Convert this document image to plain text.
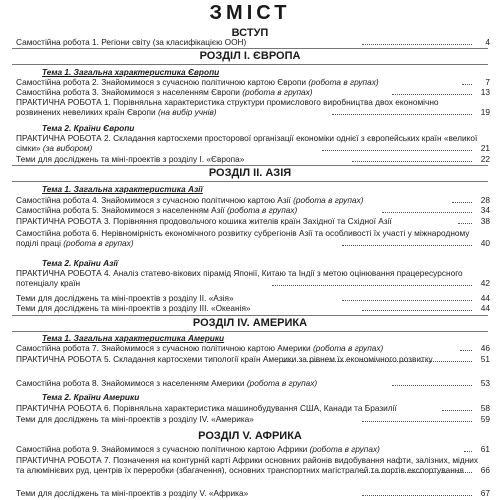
ЗМІСТ
ВСТУП
Самостійна робота 1. Регіони світу (за класифікацією ООН)	4
РОЗДІЛ І. ЄВРОПА
Тема 1. Загальна характеристика Європи
Самостійна робота 2. Знайомимося з сучасною політичною картою Європи (робота в групах)	7
Самостійна робота 3. Знайомимося з населенням Європи (робота в групах)	13
ПРАКТИЧНА РОБОТА 1. Порівняльна характеристика структури промислового виробництва двох економічно розвинених невеликих країн Європи (на вибір учнів)	19
Тема 2. Країни Європи
ПРАКТИЧНА РОБОТА 2. Складання картосхеми просторової організації економіки однієї з європейських країн «великої сімки» (за вибором)	21
Теми для досліджень та міні-проектів з розділу І. «Європа»	22
РОЗДІЛ ІІ. АЗІЯ
Тема 1. Загальна характеристика Азії
Самостійна робота 4. Знайомимося з сучасною політичною картою Азії (робота в групах)	28
Самостійна робота 5. Знайомимося з населенням Азії (робота в групах)	34
ПРАКТИЧНА РОБОТА 3. Порівняння продовольчого кошика жителів країн Західної та Східної Азії	38
Самостійна робота 6. Нерівномірність економічного розвитку субрегіонів Азії та особливості їх участі у міжнародному поділі праці (робота в групах)	40
Тема 2. Країни Азії
ПРАКТИЧНА РОБОТА 4. Аналіз статево-вікових пірамід Японії, Китаю та Індії з метою оцінювання працересурсного потенціалу країн	42
Теми для досліджень та міні-проектів з розділу ІІ. «Азія»	44
Теми для досліджень та міні-проектів з розділу ІІІ. «Океанія»	44
РОЗДІЛ IV. АМЕРИКА
Тема 1. Загальна характеристика Америки
Самостійна робота 7. Знайомимося з сучасною політичною картою Америки (робота в групах)	46
ПРАКТИЧНА РОБОТА 5. Складання картосхеми типології країн Америки за рівнем їх економічного розвитку	51
Самостійна робота 8. Знайомимося з населенням Америки (робота в групах)	53
Тема 2. Країни Америки
ПРАКТИЧНА РОБОТА 6. Порівняльна характеристика машинобудування США, Канади та Бразилії	58
Теми для досліджень та міні-проектів з розділу IV. «Америка»	59
РОЗДІЛ V. АФРИКА
Самостійна робота 9. Знайомимося з сучасною політичною картою Африки (робота в групах)	61
ПРАКТИЧНА РОБОТА 7. Позначення на контурній карті Африки основних районів видобування нафти, залізних, мідних та алюмінієвих руд, центрів їх переробки (збагачення), основних транспортних магістралей та портів експортування	66
Теми для досліджень та міні-проектів з розділу V. «Африка»	67
